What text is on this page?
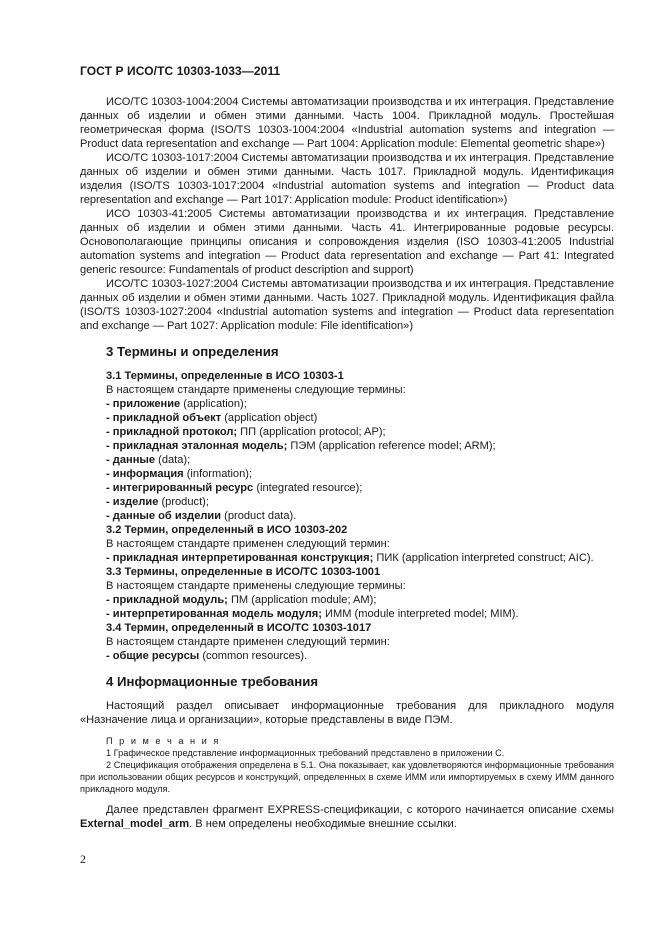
ГОСТ Р ИСО/ТС 10303-1033—2011

ИСО/ТС 10303-1004:2004 Системы автоматизации производства и их интеграция. Представление данных об изделии и обмен этими данными. Часть 1004. Прикладной модуль. Простейшая геометрическая форма (ISO/TS 10303-1004:2004 «Industrial automation systems and integration — Product data representation and exchange — Part 1004: Application module: Elemental geometric shape»)

ИСО/ТС 10303-1017:2004 Системы автоматизации производства и их интеграция. Представление данных об изделии и обмен этими данными. Часть 1017. Прикладной модуль. Идентификация изделия (ISO/TS 10303-1017:2004 «Industrial automation systems and integration — Product data representation and exchange — Part 1017: Application module: Product identification»)

ИСО 10303-41:2005 Системы автоматизации производства и их интеграция. Представление данных об изделии и обмен этими данными. Часть 41. Интегрированные родовые ресурсы. Основополагающие принципы описания и сопровождения изделия (ISO 10303-41:2005 Industrial automation systems and integration — Product data representation and exchange — Part 41: Integrated generic resource: Fundamentals of product description and support)

ИСО/ТС 10303-1027:2004 Системы автоматизации производства и их интеграция. Представление данных об изделии и обмен этими данными. Часть 1027. Прикладной модуль. Идентификация файла (ISO/TS 10303-1027:2004 «Industrial automation systems and integration — Product data representation and exchange — Part 1027: Application module: File identification»)

3 Термины и определения
3.1 Термины, определенные в ИСО 10303-1
В настоящем стандарте применены следующие термины:
- приложение (application);
- прикладной объект (application object)
- прикладной протокол; ПП (application protocol; AP);
- прикладная эталонная модель; ПЭМ (application reference model; ARM);
- данные (data);
- информация (information);
- интегрированный ресурс (integrated resource);
- изделие (product);
- данные об изделии (product data).
3.2 Термин, определенный в ИСО 10303-202
В настоящем стандарте применен следующий термин:
- прикладная интерпретированная конструкция; ПИК (application interpreted construct; AIC).
3.3 Термины, определенные в ИСО/ТС 10303-1001
В настоящем стандарте применены следующие термины:
- прикладной модуль; ПМ (application module; AM);
- интерпретированная модель модуля; ИММ (module interpreted model; MIM).
3.4 Термин, определенный в ИСО/ТС 10303-1017
В настоящем стандарте применен следующий термин:
- общие ресурсы (common resources).
4 Информационные требования

Настоящий раздел описывает информационные требования для прикладного модуля «Назначение лица и организации», которые представлены в виде ПЭМ.

П р и м е ч а н и я

1 Графическое представление информационных требований представлено в приложении С.

2 Спецификация отображения определена в 5.1. Она показывает, как удовлетворяются информационные требования при использовании общих ресурсов и конструкций, определенных в схеме ИММ или импортируемых в схему ИММ данного прикладного модуля.

Далее представлен фрагмент EXPRESS-спецификации, с которого начинается описание схемы External_model_arm. В нем определены необходимые внешние ссылки.

2
